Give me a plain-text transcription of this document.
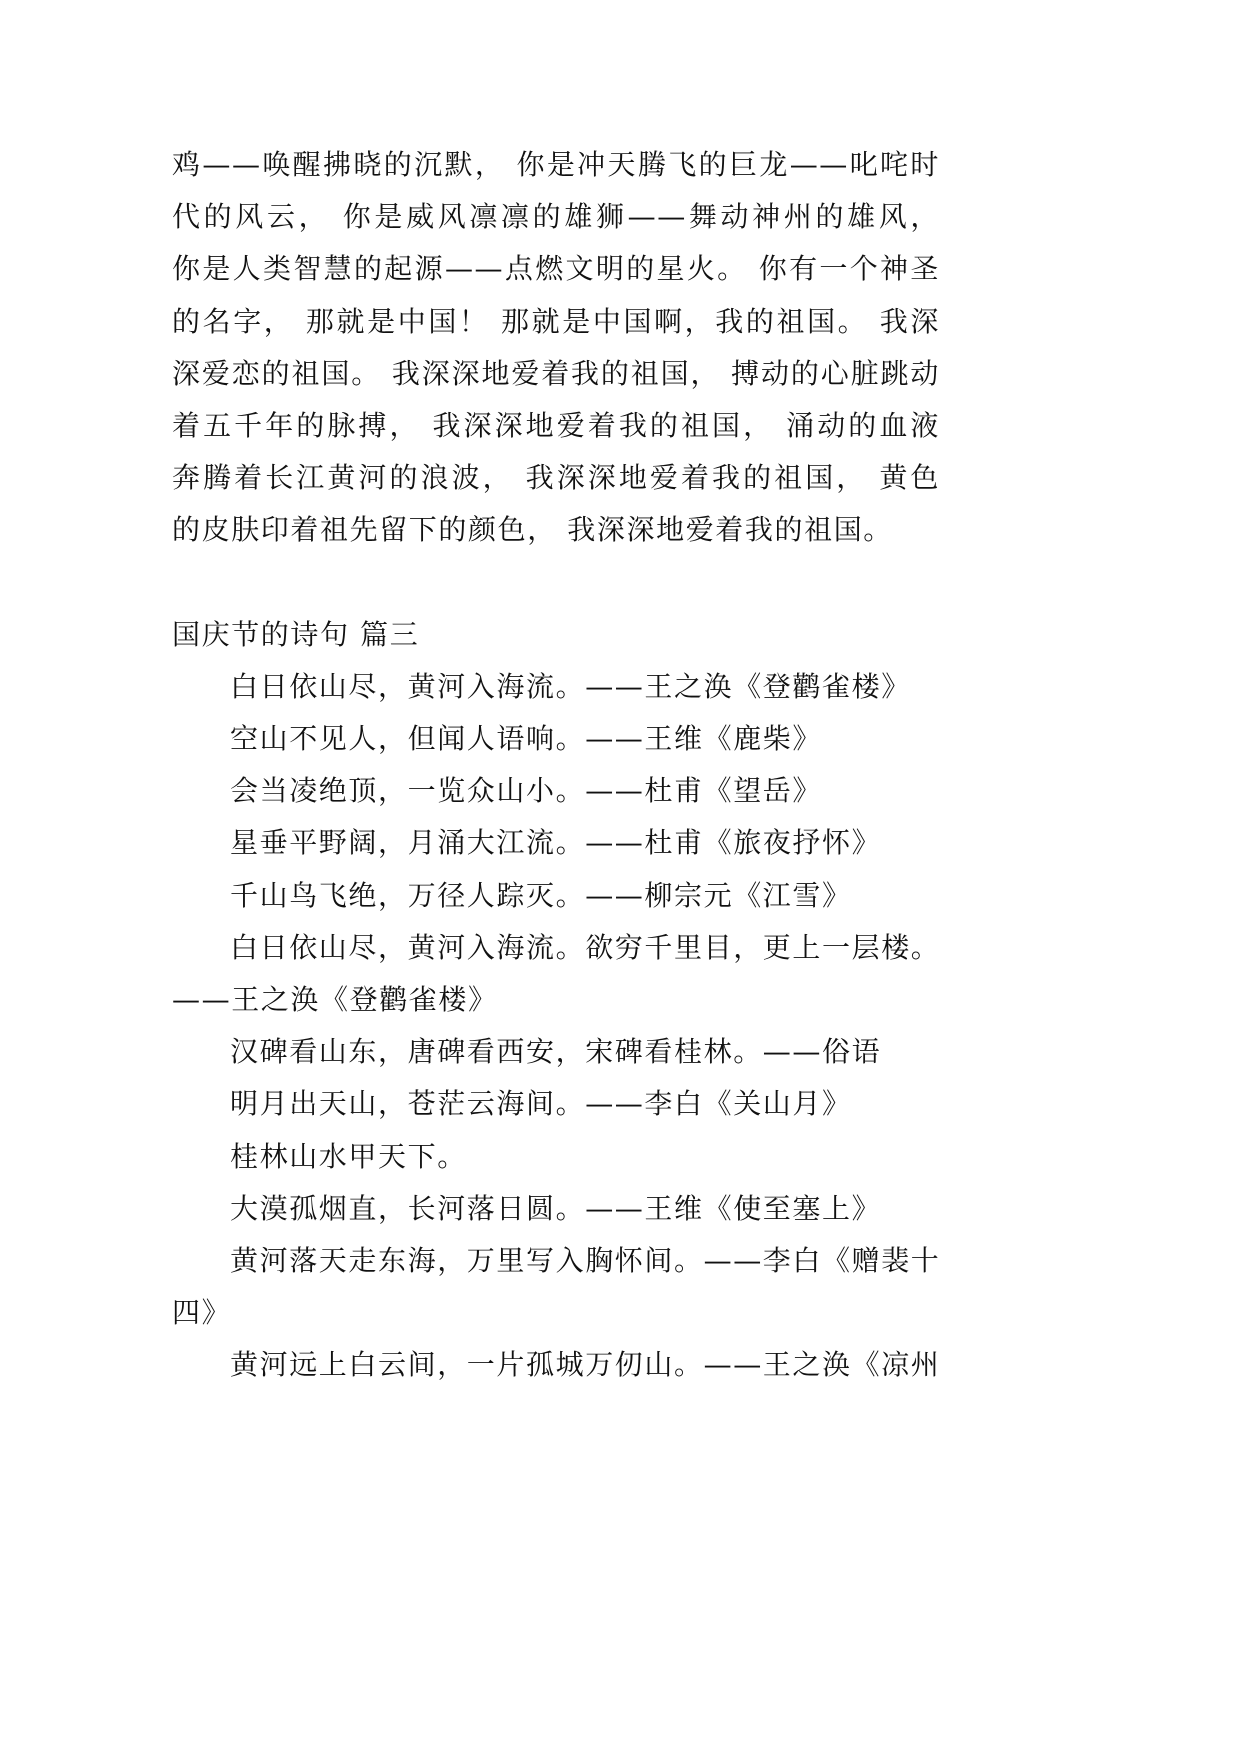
鸡——唤醒拂晓的沉默， 你是冲天腾飞的巨龙——叱咤时
代的风云， 你是威风凛凛的雄狮——舞动神州的雄风，
你是人类智慧的起源——点燃文明的星火。 你有一个神圣
的名字， 那就是中国！ 那就是中国啊，我的祖国。 我深
深爱恋的祖国。 我深深地爱着我的祖国， 搏动的心脏跳动
着五千年的脉搏， 我深深地爱着我的祖国， 涌动的血液
奔腾着长江黄河的浪波， 我深深地爱着我的祖国， 黄色
的皮肤印着祖先留下的颜色， 我深深地爱着我的祖国。
国庆节的诗句 篇三
白日依山尽，黄河入海流。——王之涣《登鹳雀楼》
空山不见人，但闻人语响。——王维《鹿柴》
会当凌绝顶，一览众山小。——杜甫《望岳》
星垂平野阔，月涌大江流。——杜甫《旅夜抒怀》
千山鸟飞绝，万径人踪灭。——柳宗元《江雪》
白日依山尽，黄河入海流。欲穷千里目，更上一层楼。
——王之涣《登鹳雀楼》
汉碑看山东，唐碑看西安，宋碑看桂林。——俗语
明月出天山，苍茫云海间。——李白《关山月》
桂林山水甲天下。
大漠孤烟直，长河落日圆。——王维《使至塞上》
黄河落天走东海，万里写入胸怀间。——李白《赠裴十
四》
黄河远上白云间，一片孤城万仞山。——王之涣《凉州
